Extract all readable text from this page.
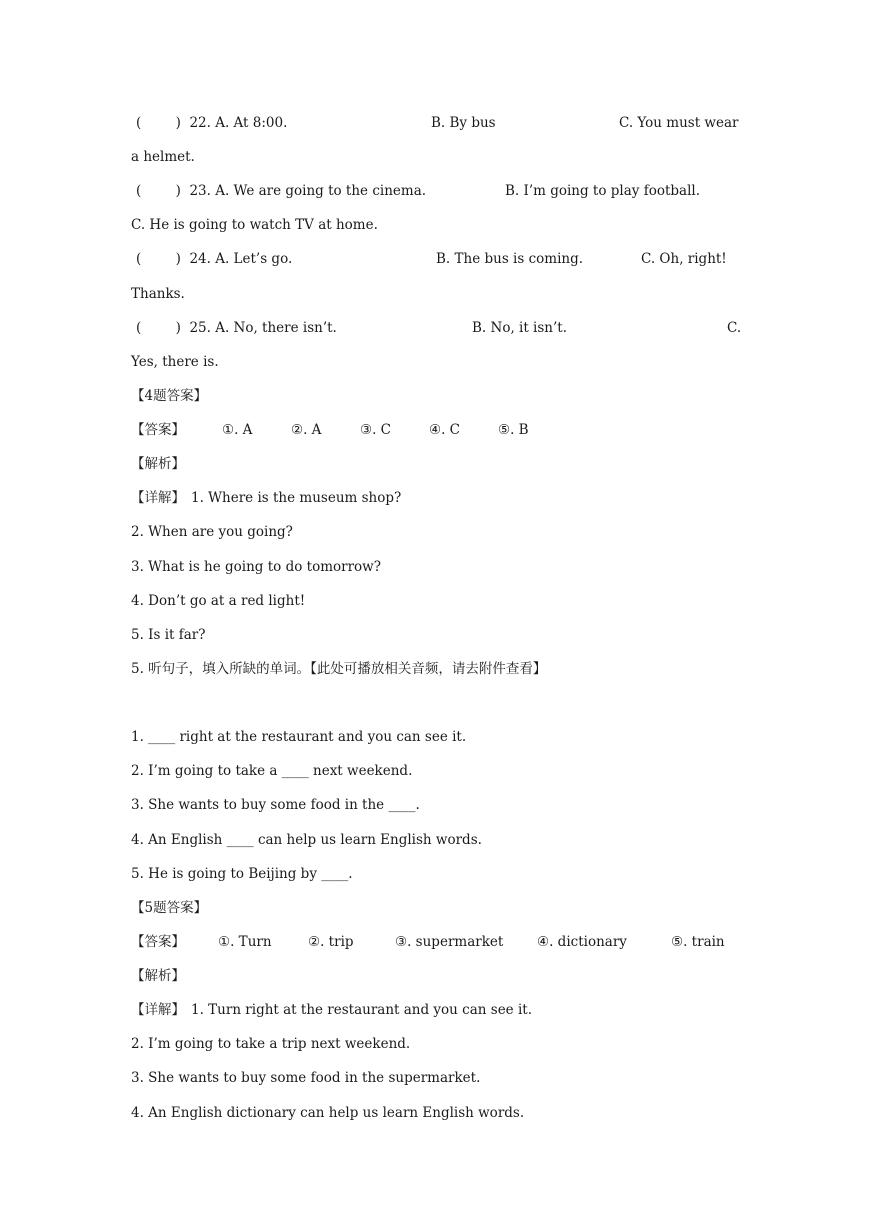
(        )  22. A. At 8:00.	B. By bus	C. You must wear
a helmet.
(        )  23. A. We are going to the cinema.	B. I’m going to play football.
C. He is going to watch TV at home.
(        )  24. A. Let’s go.	B. The bus is coming.	C. Oh, right!
Thanks.
(        )  25. A. No, there isn’t.	B. No, it isn’t.	C.
Yes, there is.
【4题答案】
【答案】	①. A	②. A	③. C	④. C	⑤. B
【解析】
【详解】 1. Where is the museum shop?
2. When are you going?
3. What is he going to do tomorrow?
4. Don’t go at a red light!
5. Is it far?
5. 听句子，填入所缺的单词。【此处可播放相关音频，请去附件查看】
1. ____ right at the restaurant and you can see it.
2. I’m going to take a ____ next weekend.
3. She wants to buy some food in the ____.
4. An English ____ can help us learn English words.
5. He is going to Beijing by ____.
【5题答案】
【答案】 ①. Turn	②. trip	③. supermarket ④. dictionary	⑤. train
【解析】
【详解】 1. Turn right at the restaurant and you can see it.
2. I’m going to take a trip next weekend.
3. She wants to buy some food in the supermarket.
4. An English dictionary can help us learn English words.
